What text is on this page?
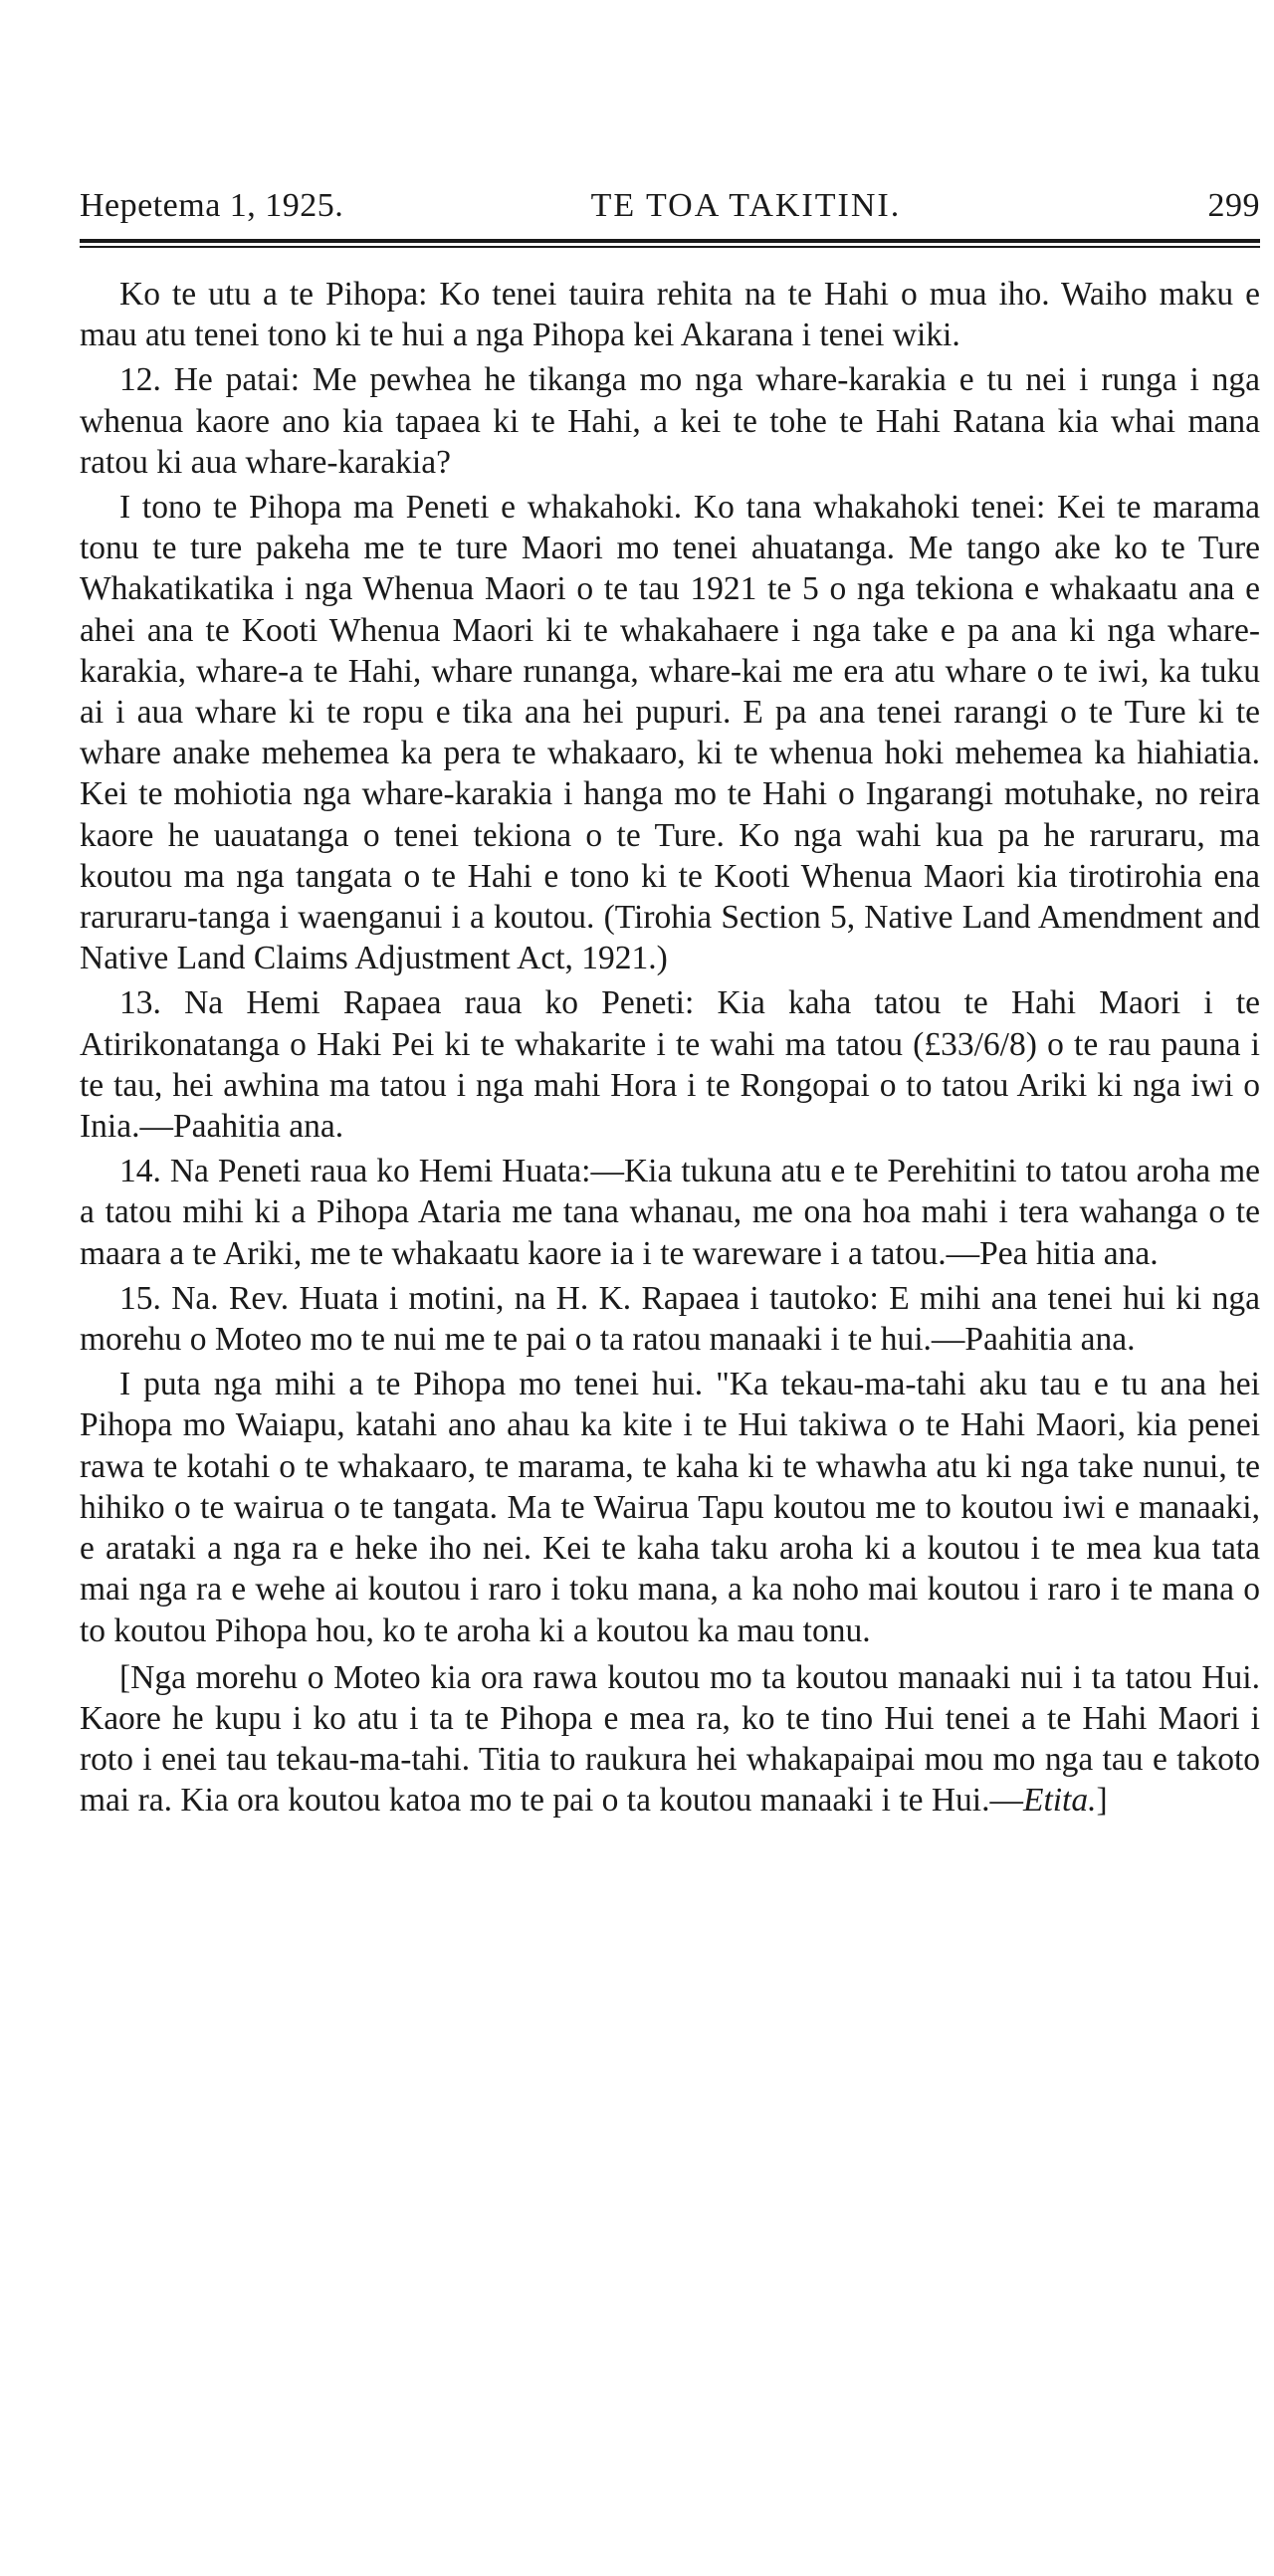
Hepetema 1, 1925.	TE TOA TAKITINI.	299

Ko te utu a te Pihopa: Ko tenei tauira rehita na te Hahi o mua iho. Waiho maku e mau atu tenei tono ki te hui a nga Pihopa kei Akarana i tenei wiki.

12. He patai: Me pewhea he tikanga mo nga whare-karakia e tu nei i runga i nga whenua kaore ano kia tapaea ki te Hahi, a kei te tohe te Hahi Ratana kia whai mana ratou ki aua whare-karakia?

I tono te Pihopa ma Peneti e whakahoki. Ko tana whakahoki tenei: Kei te marama tonu te ture pakeha me te ture Maori mo tenei ahuatanga. Me tango ake ko te Ture Whakatikatika i nga Whenua Maori o te tau 1921 te 5 o nga tekiona e whakaatu ana e ahei ana te Kooti Whenua Maori ki te whakahaere i nga take e pa ana ki nga whare-karakia, whare-a te Hahi, whare runanga, whare-kai me era atu whare o te iwi, ka tuku ai i aua whare ki te ropu e tika ana hei pupuri. E pa ana tenei rarangi o te Ture ki te whare anake mehemea ka pera te whakaaro, ki te whenua hoki mehemea ka hiahiatia. Kei te mohiotia nga whare-karakia i hanga mo te Hahi o Ingarangi motuhake, no reira kaore he uauatanga o tenei tekiona o te Ture. Ko nga wahi kua pa he raruraru, ma koutou ma nga tangata o te Hahi e tono ki te Kooti Whenua Maori kia tirotirohia ena raruraru-tanga i waenganui i a koutou. (Tirohia Section 5, Native Land Amendment and Native Land Claims Adjustment Act, 1921.)

13. Na Hemi Rapaea raua ko Peneti: Kia kaha tatou te Hahi Maori i te Atirikonatanga o Haki Pei ki te whakarite i te wahi ma tatou (£33/6/8) o te rau pauna i te tau, hei awhina ma tatou i nga mahi Hora i te Rongopai o to tatou Ariki ki nga iwi o Inia.—Paahitia ana.

14. Na Peneti raua ko Hemi Huata:—Kia tukuna atu e te Perehitini to tatou aroha me a tatou mihi ki a Pihopa Ataria me tana whanau, me ona hoa mahi i tera wahanga o te maara a te Ariki, me te whakaatu kaore ia i te wareware i a tatou.—Pea hitia ana.

15. Na. Rev. Huata i motini, na H. K. Rapaea i tautoko: E mihi ana tenei hui ki nga morehu o Moteo mo te nui me te pai o ta ratou manaaki i te hui.—Paahitia ana.

I puta nga mihi a te Pihopa mo tenei hui. "Ka tekau-ma-tahi aku tau e tu ana hei Pihopa mo Waiapu, katahi ano ahau ka kite i te Hui takiwa o te Hahi Maori, kia penei rawa te kotahi o te whakaaro, te marama, te kaha ki te whawha atu ki nga take nunui, te hihiko o te wairua o te tangata. Ma te Wairua Tapu koutou me to koutou iwi e manaaki, e arataki a nga ra e heke iho nei. Kei te kaha taku aroha ki a koutou i te mea kua tata mai nga ra e wehe ai koutou i raro i toku mana, a ka noho mai koutou i raro i te mana o to koutou Pihopa hou, ko te aroha ki a koutou ka mau tonu.

[Nga morehu o Moteo kia ora rawa koutou mo ta koutou manaaki nui i ta tatou Hui. Kaore he kupu i ko atu i ta te Pihopa e mea ra, ko te tino Hui tenei a te Hahi Maori i roto i enei tau tekau-ma-tahi. Titia to raukura hei whakapaipai mou mo nga tau e takoto mai ra. Kia ora koutou katoa mo te pai o ta koutou manaaki i te Hui.—Etita.]
